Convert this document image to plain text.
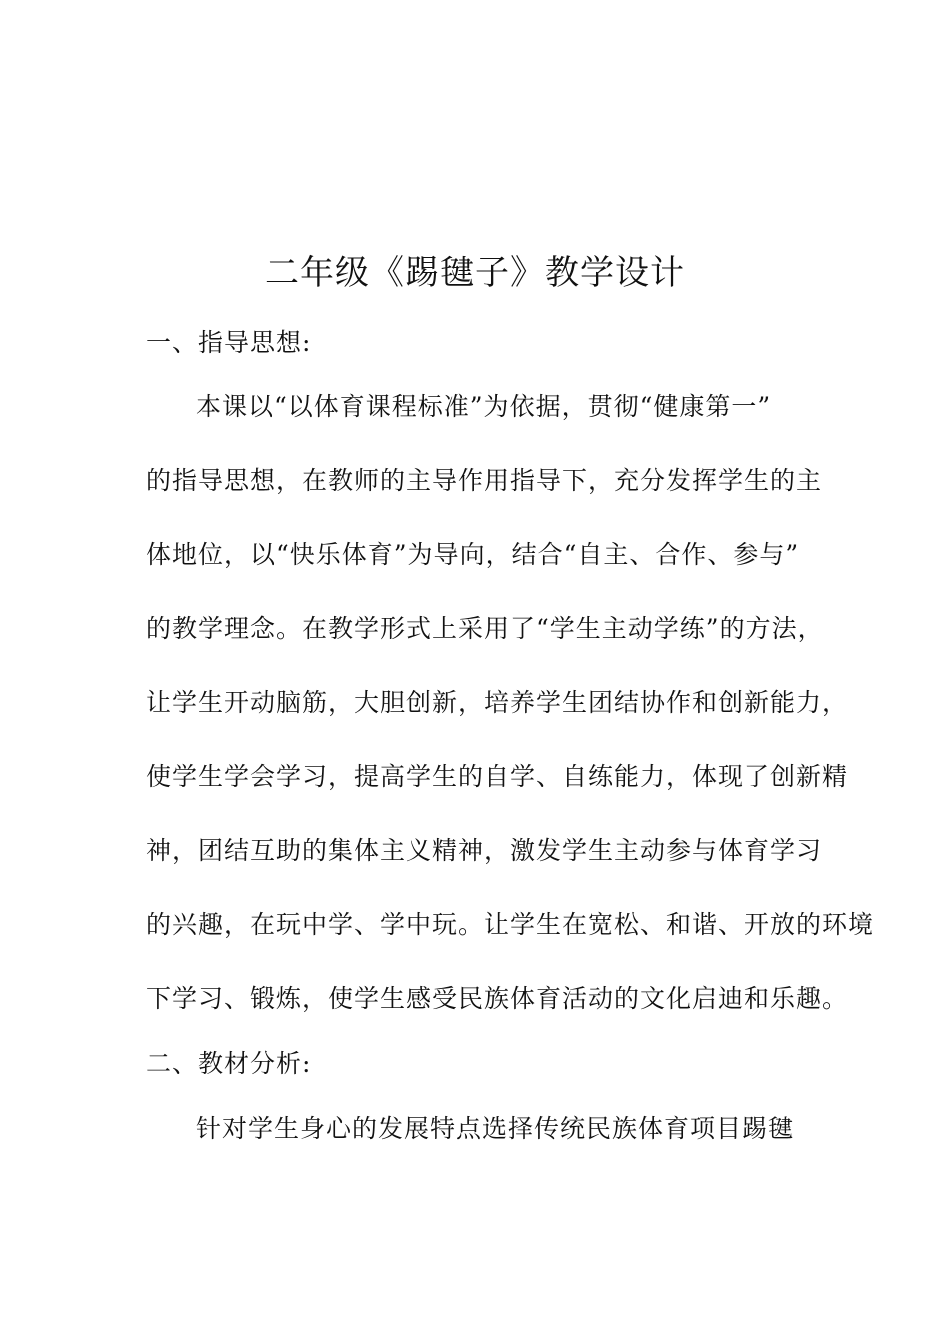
二年级《踢毽子》教学设计
一、指导思想:
本课以“以体育课程标准”为依据，贯彻“健康第一”
的指导思想，在教师的主导作用指导下，充分发挥学生的主
体地位，以“快乐体育”为导向，结合“自主、合作、参与”
的教学理念。在教学形式上采用了“学生主动学练”的方法，
让学生开动脑筋，大胆创新，培养学生团结协作和创新能力，
使学生学会学习，提高学生的自学、自练能力，体现了创新精
神，团结互助的集体主义精神，激发学生主动参与体育学习
的兴趣，在玩中学、学中玩。让学生在宽松、和谐、开放的环境
下学习、锻炼，使学生感受民族体育活动的文化启迪和乐趣。
二、教材分析:
针对学生身心的发展特点选择传统民族体育项目踢毽
